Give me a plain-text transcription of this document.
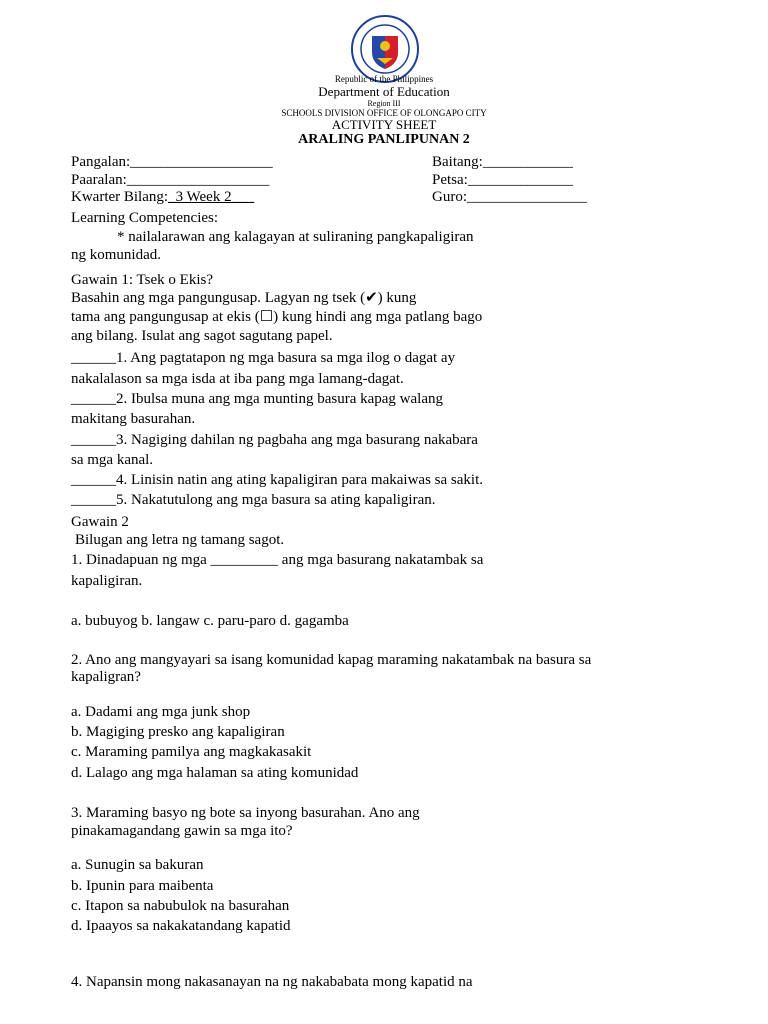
Republic of the Philippines
Department of Education
Region III
SCHOOLS DIVISION OFFICE OF OLONGAPO CITY
ACTIVITY SHEET
ARALING PANLIPUNAN 2
Pangalan:___________________	Baitang:____________
Paaralan:___________________	Petsa:______________
Kwarter Bilang:_3 Week 2___	Guro:________________
Learning Competencies:
* nailalarawan ang kalagayan at suliraning pangkapaligiran
ng komunidad.
Gawain 1: Tsek o Ekis?
Basahin ang mga pangungusap. Lagyan ng tsek (✔) kung
tama ang pangungusap at ekis (☐) kung hindi ang mga patlang bago
ang bilang. Isulat ang sagot sagutang papel.
______1. Ang pagtatapon ng mga basura sa mga ilog o dagat ay
nakalalason sa mga isda at iba pang mga lamang-dagat.
______2. Ibulsa muna ang mga munting basura kapag walang
makitang basurahan.
______3. Nagiging dahilan ng pagbaha ang mga basurang nakabara
sa mga kanal.
______4. Linisin natin ang ating kapaligiran para makaiwas sa sakit.
______5. Nakatutulong ang mga basura sa ating kapaligiran.
Gawain 2
Bilugan ang letra ng tamang sagot.
1. Dinadapuan ng mga _________ ang mga basurang nakatambak sa
kapaligiran.
a. bubuyog b. langaw c. paru-paro d. gagamba
2. Ano ang mangyayari sa isang komunidad kapag maraming nakatambak na basura sa
kapaligran?
a. Dadami ang mga junk shop
b. Magiging presko ang kapaligiran
c. Maraming pamilya ang magkakasakit
d. Lalago ang mga halaman sa ating komunidad
3. Maraming basyo ng bote sa inyong basurahan. Ano ang
pinakamagandang gawin sa mga ito?
a. Sunugin sa bakuran
b. Ipunin para maibenta
c. Itapon sa nabubulok na basurahan
d. Ipaayos sa nakakatandang kapatid
4. Napansin mong nakasanayan na ng nakababata mong kapatid na
